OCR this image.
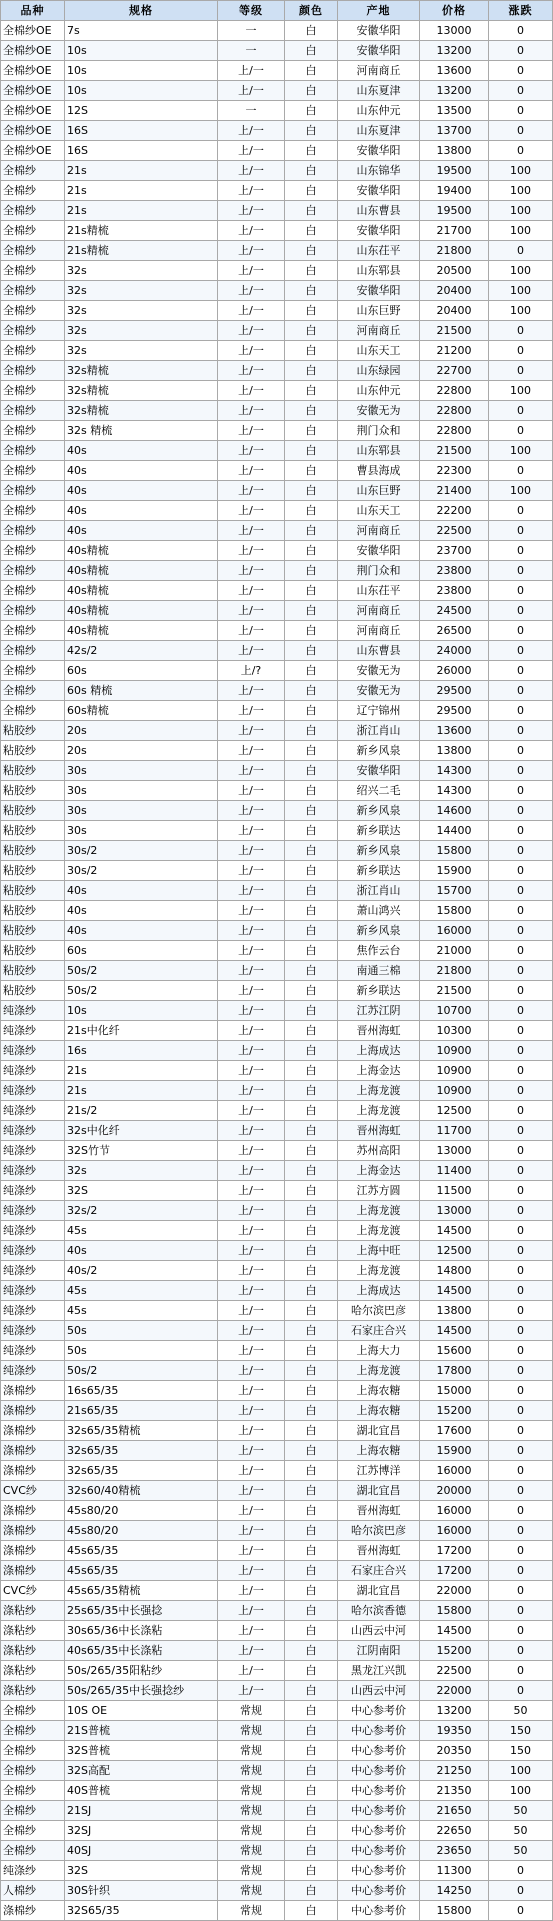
品种	规格	等级	颜色	产地	价格	涨跌
全棉纱OE	7s	一	白	安徽华阳	13000	0
全棉纱OE	10s	一	白	安徽华阳	13200	0
全棉纱OE	10s	上/一	白	河南商丘	13600	0
全棉纱OE	10s	上/一	白	山东夏津	13200	0
全棉纱OE	12S	一	白	山东仲元	13500	0
全棉纱OE	16S	上/一	白	山东夏津	13700	0
全棉纱OE	16S	上/一	白	安徽华阳	13800	0
全棉纱	21s	上/一	白	山东锦华	19500	100
全棉纱	21s	上/一	白	安徽华阳	19400	100
全棉纱	21s	上/一	白	山东曹县	19500	100
全棉纱	21s精梳	上/一	白	安徽华阳	21700	100
全棉纱	21s精梳	上/一	白	山东茌平	21800	0
全棉纱	32s	上/一	白	山东郓县	20500	100
全棉纱	32s	上/一	白	安徽华阳	20400	100
全棉纱	32s	上/一	白	山东巨野	20400	100
全棉纱	32s	上/一	白	河南商丘	21500	0
全棉纱	32s	上/一	白	山东天工	21200	0
全棉纱	32s精梳	上/一	白	山东绿园	22700	0
全棉纱	32s精梳	上/一	白	山东仲元	22800	100
全棉纱	32s精梳	上/一	白	安徽无为	22800	0
全棉纱	32s 精梳	上/一	白	荆门众和	22800	0
全棉纱	40s	上/一	白	山东郓县	21500	100
全棉纱	40s	上/一	白	曹县海成	22300	0
全棉纱	40s	上/一	白	山东巨野	21400	100
全棉纱	40s	上/一	白	山东天工	22200	0
全棉纱	40s	上/一	白	河南商丘	22500	0
全棉纱	40s精梳	上/一	白	安徽华阳	23700	0
全棉纱	40s精梳	上/一	白	荆门众和	23800	0
全棉纱	40s精梳	上/一	白	山东茌平	23800	0
全棉纱	40s精梳	上/一	白	河南商丘	24500	0
全棉纱	40s精梳	上/一	白	河南商丘	26500	0
全棉纱	42s/2	上/一	白	山东曹县	24000	0
全棉纱	60s	上/?	白	安徽无为	26000	0
全棉纱	60s 精梳	上/一	白	安徽无为	29500	0
全棉纱	60s精梳	上/一	白	辽宁锦州	29500	0
粘胶纱	20s	上/一	白	浙江肖山	13600	0
粘胶纱	20s	上/一	白	新乡风泉	13800	0
粘胶纱	30s	上/一	白	安徽华阳	14300	0
粘胶纱	30s	上/一	白	绍兴二毛	14300	0
粘胶纱	30s	上/一	白	新乡风泉	14600	0
粘胶纱	30s	上/一	白	新乡联达	14400	0
粘胶纱	30s/2	上/一	白	新乡风泉	15800	0
粘胶纱	30s/2	上/一	白	新乡联达	15900	0
粘胶纱	40s	上/一	白	浙江肖山	15700	0
粘胶纱	40s	上/一	白	萧山鸿兴	15800	0
粘胶纱	40s	上/一	白	新乡风泉	16000	0
粘胶纱	60s	上/一	白	焦作云台	21000	0
粘胶纱	50s/2	上/一	白	南通三棉	21800	0
粘胶纱	50s/2	上/一	白	新乡联达	21500	0
纯涤纱	10s	上/一	白	江苏江阴	10700	0
纯涤纱	21s中化纤	上/一	白	晋州海虹	10300	0
纯涤纱	16s	上/一	白	上海成达	10900	0
纯涤纱	21s	上/一	白	上海金达	10900	0
纯涤纱	21s	上/一	白	上海龙渡	10900	0
纯涤纱	21s/2	上/一	白	上海龙渡	12500	0
纯涤纱	32s中化纤	上/一	白	晋州海虹	11700	0
纯涤纱	32S竹节	上/一	白	苏州高阳	13000	0
纯涤纱	32s	上/一	白	上海金达	11400	0
纯涤纱	32S	上/一	白	江苏方圆	11500	0
纯涤纱	32s/2	上/一	白	上海龙渡	13000	0
纯涤纱	45s	上/一	白	上海龙渡	14500	0
纯涤纱	40s	上/一	白	上海中旺	12500	0
纯涤纱	40s/2	上/一	白	上海龙渡	14800	0
纯涤纱	45s	上/一	白	上海成达	14500	0
纯涤纱	45s	上/一	白	哈尔滨巴彦	13800	0
纯涤纱	50s	上/一	白	石家庄合兴	14500	0
纯涤纱	50s	上/一	白	上海大力	15600	0
纯涤纱	50s/2	上/一	白	上海龙渡	17800	0
涤棉纱	16s65/35	上/一	白	上海农糖	15000	0
涤棉纱	21s65/35	上/一	白	上海农糖	15200	0
涤棉纱	32s65/35精梳	上/一	白	湖北宜昌	17600	0
涤棉纱	32s65/35	上/一	白	上海农糖	15900	0
涤棉纱	32s65/35	上/一	白	江苏博洋	16000	0
CVC纱	32s60/40精梳	上/一	白	湖北宜昌	20000	0
涤棉纱	45s80/20	上/一	白	晋州海虹	16000	0
涤棉纱	45s80/20	上/一	白	哈尔滨巴彦	16000	0
涤棉纱	45s65/35	上/一	白	晋州海虹	17200	0
涤棉纱	45s65/35	上/一	白	石家庄合兴	17200	0
CVC纱	45s65/35精梳	上/一	白	湖北宜昌	22000	0
涤粘纱	25s65/35中长强捻	上/一	白	哈尔滨香德	15800	0
涤粘纱	30s65/36中长涤粘	上/一	白	山西云中河	14500	0
涤粘纱	40s65/35中长涤粘	上/一	白	江阴南阳	15200	0
涤粘纱	50s/265/35阳粘纱	上/一	白	黑龙江兴凯	22500	0
涤粘纱	50s/265/35中长强捻纱	上/一	白	山西云中河	22000	0
全棉纱	10S OE	常规	白	中心参考价	13200	50
全棉纱	21S普梳	常规	白	中心参考价	19350	150
全棉纱	32S普梳	常规	白	中心参考价	20350	150
全棉纱	32S高配	常规	白	中心参考价	21250	100
全棉纱	40S普梳	常规	白	中心参考价	21350	100
全棉纱	21SJ	常规	白	中心参考价	21650	50
全棉纱	32SJ	常规	白	中心参考价	22650	50
全棉纱	40SJ	常规	白	中心参考价	23650	50
纯涤纱	32S	常规	白	中心参考价	11300	0
人棉纱	30S针织	常规	白	中心参考价	14250	0
涤棉纱	32S65/35	常规	白	中心参考价	15800	0
